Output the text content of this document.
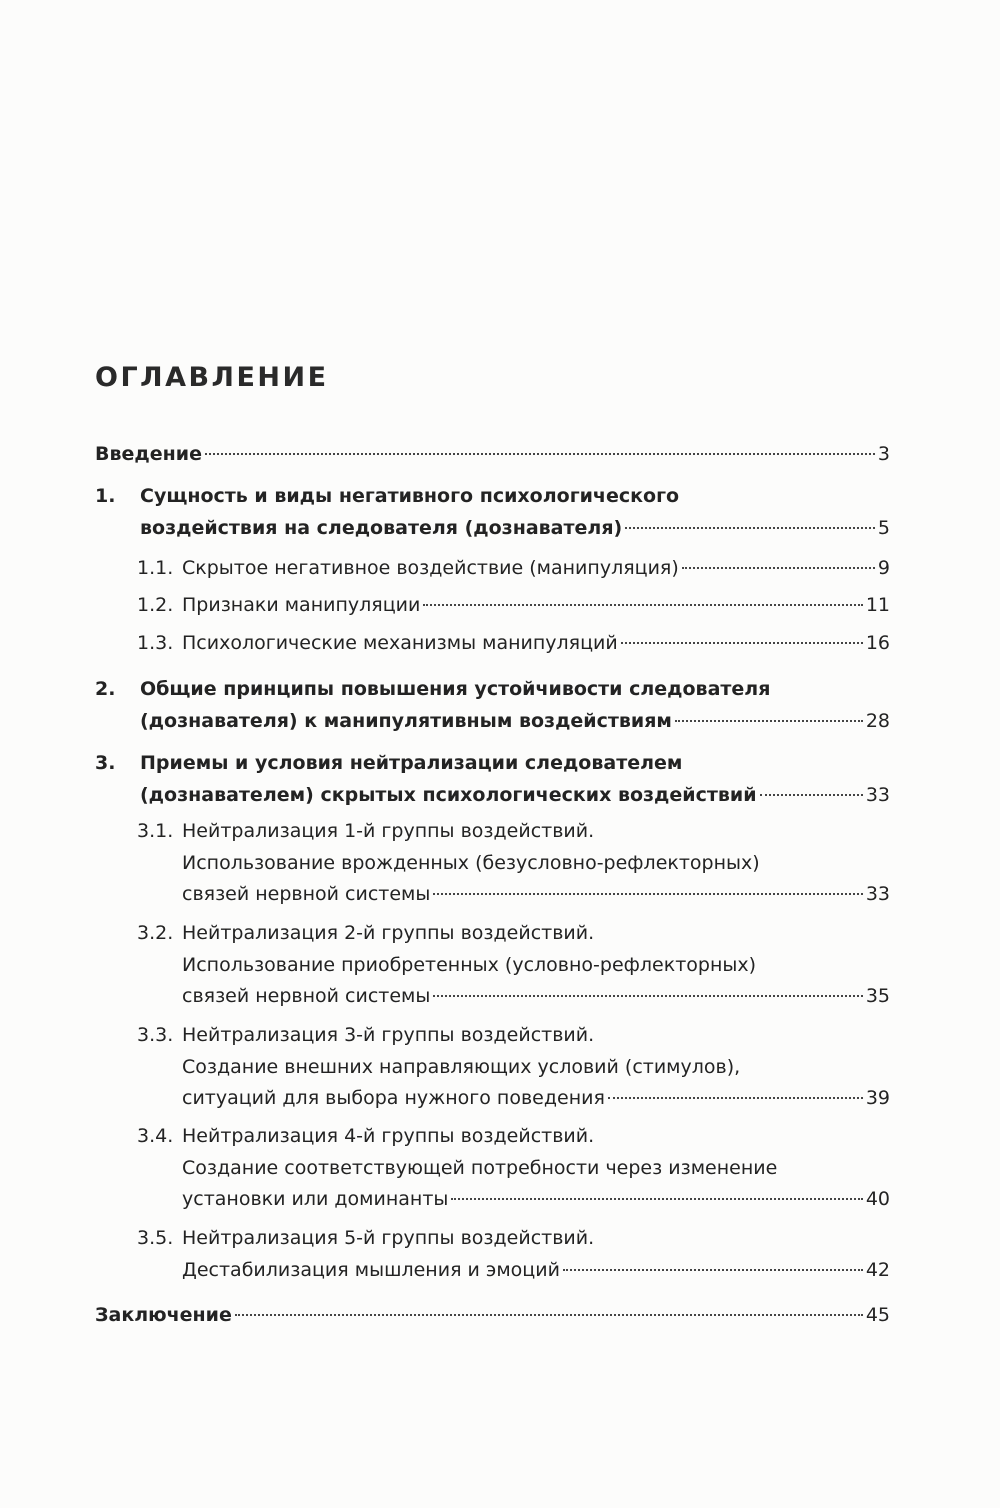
ОГЛАВЛЕНИЕ
Введение	3
1. Сущность и виды негативного психологического
воздействия на следователя (дознавателя)	5
1.1. Скрытое негативное воздействие (манипуляция)	9
1.2. Признаки манипуляции	11
1.3. Психологические механизмы манипуляций	16
2. Общие принципы повышения устойчивости следователя
(дознавателя) к манипулятивным воздействиям	28
3. Приемы и условия нейтрализации следователем
(дознавателем) скрытых психологических воздействий	33
3.1. Нейтрализация 1-й группы воздействий.
Использование врожденных (безусловно-рефлекторных)
связей нервной системы	33
3.2. Нейтрализация 2-й группы воздействий.
Использование приобретенных (условно-рефлекторных)
связей нервной системы	35
3.3. Нейтрализация 3-й группы воздействий.
Создание внешних направляющих условий (стимулов),
ситуаций для выбора нужного поведения	39
3.4. Нейтрализация 4-й группы воздействий.
Создание соответствующей потребности через изменение
установки или доминанты	40
3.5. Нейтрализация 5-й группы воздействий.
Дестабилизация мышления и эмоций	42
Заключение	45
